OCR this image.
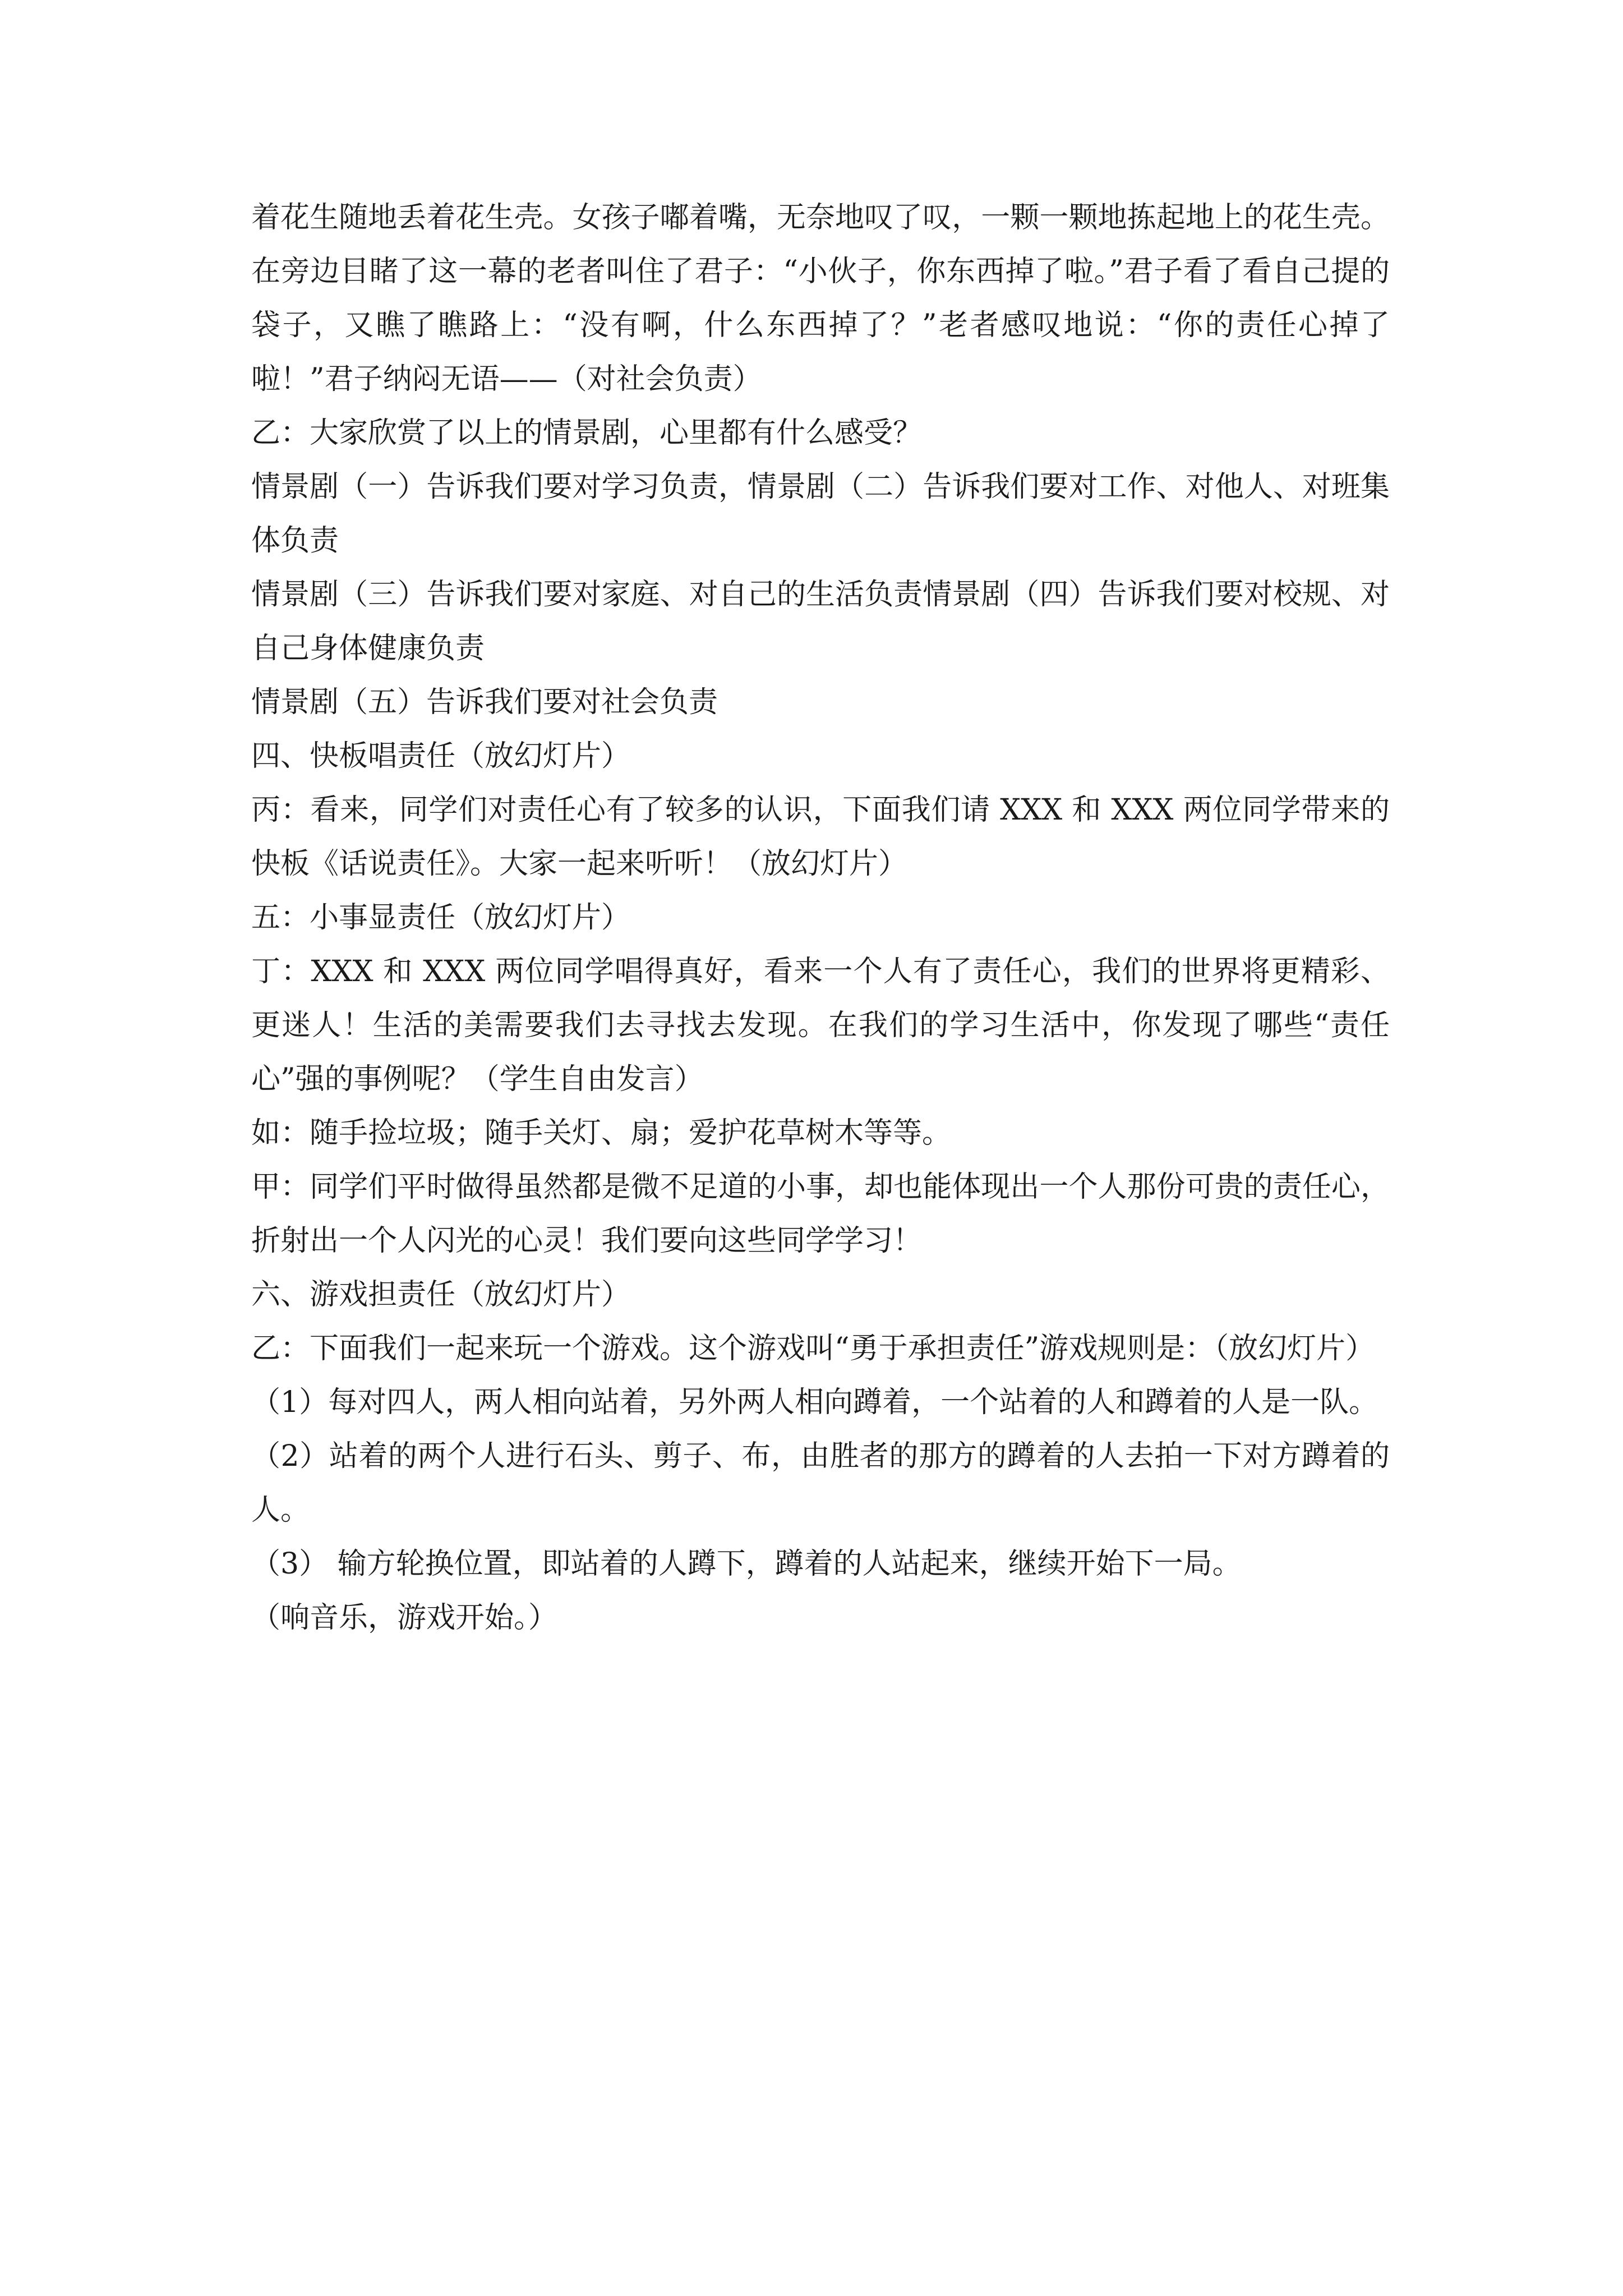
着花生随地丢着花生壳。女孩子嘟着嘴，无奈地叹了叹，一颗一颗地拣起地上的花生壳。在旁边目睹了这一幕的老者叫住了君子：“小伙子，你东西掉了啦。”君子看了看自己提的袋子，又瞧了瞧路上：“没有啊，什么东西掉了？”老者感叹地说：“你的责任心掉了啦！”君子纳闷无语——（对社会负责）

乙：大家欣赏了以上的情景剧，心里都有什么感受？

情景剧（一）告诉我们要对学习负责，情景剧（二）告诉我们要对工作、对他人、对班集体负责

情景剧（三）告诉我们要对家庭、对自己的生活负责情景剧（四）告诉我们要对校规、对自己身体健康负责

情景剧（五）告诉我们要对社会负责

四、快板唱责任（放幻灯片）

丙：看来，同学们对责任心有了较多的认识，下面我们请 XXX 和 XXX 两位同学带来的快板《话说责任》。大家一起来听听！（放幻灯片）

五：小事显责任（放幻灯片）

丁：XXX 和 XXX 两位同学唱得真好，看来一个人有了责任心，我们的世界将更精彩、更迷人！生活的美需要我们去寻找去发现。在我们的学习生活中，你发现了哪些“责任心”强的事例呢？（学生自由发言）

如：随手捡垃圾；随手关灯、扇；爱护花草树木等等。

甲：同学们平时做得虽然都是微不足道的小事，却也能体现出一个人那份可贵的责任心，折射出一个人闪光的心灵！我们要向这些同学学习！

六、游戏担责任（放幻灯片）

乙：下面我们一起来玩一个游戏。这个游戏叫“勇于承担责任”游戏规则是：（放幻灯片）

（1）每对四人，两人相向站着，另外两人相向蹲着，一个站着的人和蹲着的人是一队。

（2）站着的两个人进行石头、剪子、布，由胜者的那方的蹲着的人去拍一下对方蹲着的人。

（3） 输方轮换位置，即站着的人蹲下，蹲着的人站起来，继续开始下一局。

（响音乐，游戏开始。）
